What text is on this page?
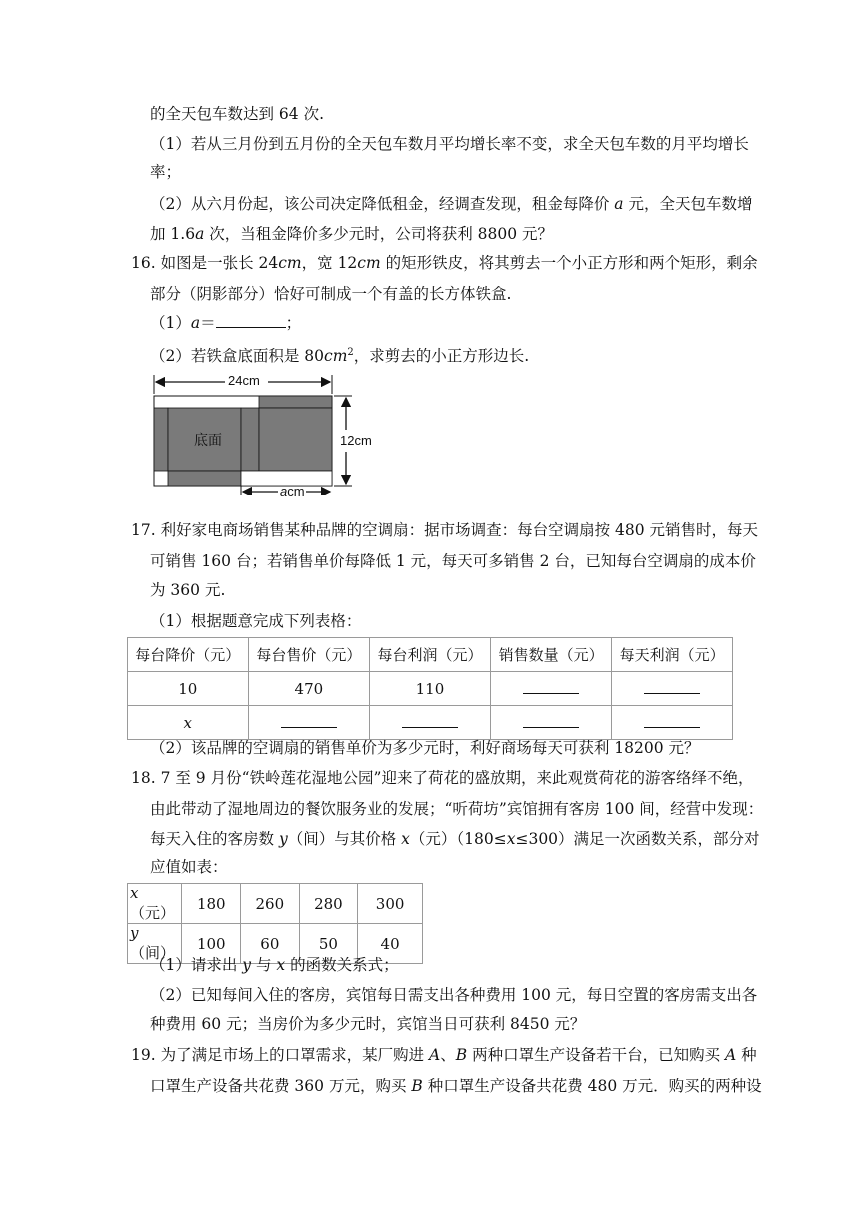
的全天包车数达到 64 次.
（1）若从三月份到五月份的全天包车数月平均增长率不变，求全天包车数的月平均增长
率；
（2）从六月份起，该公司决定降低租金，经调查发现，租金每降价 a 元，全天包车数增
加 1.6a 次，当租金降价多少元时，公司将获利 8800 元？
16. 如图是一张长 24cm，宽 12cm 的矩形铁皮，将其剪去一个小正方形和两个矩形，剩余
部分（阴影部分）恰好可制成一个有盖的长方体铁盒.
（1）a＝	；
（2）若铁盒底面积是 $80cm^2$，求剪去的小正方形边长.
24cm
12cm
acm
底面
17. 利好家电商场销售某种品牌的空调扇：据市场调查：每台空调扇按 480 元销售时，每天
可销售 160 台；若销售单价每降低 1 元，每天可多销售 2 台，已知每台空调扇的成本价
为 360 元.
（1）根据题意完成下列表格：
每台降价（元）	每台售价（元）	每台利润（元）	销售数量（元）	每天利润（元）
10	470	110		
x				
（2）该品牌的空调扇的销售单价为多少元时，利好商场每天可获利 18200 元？
18. 7 至 9 月份“铁岭莲花湿地公园”迎来了荷花的盛放期，来此观赏荷花的游客络绎不绝，
由此带动了湿地周边的餐饮服务业的发展；“听荷坊”宾馆拥有客房 100 间，经营中发现：
每天入住的客房数 y（间）与其价格 x（元）（180≤x≤300）满足一次函数关系，部分对
应值如表：
x（元）	180	260	280	300
y（间）	100	60	50	40
（1）请求出 y 与 x 的函数关系式；
（2）已知每间入住的客房，宾馆每日需支出各种费用 100 元，每日空置的客房需支出各
种费用 60 元；当房价为多少元时，宾馆当日可获利 8450 元？
19. 为了满足市场上的口罩需求，某厂购进 A、B 两种口罩生产设备若干台，已知购买 A 种
口罩生产设备共花费 360 万元，购买 B 种口罩生产设备共花费 480 万元．购买的两种设
